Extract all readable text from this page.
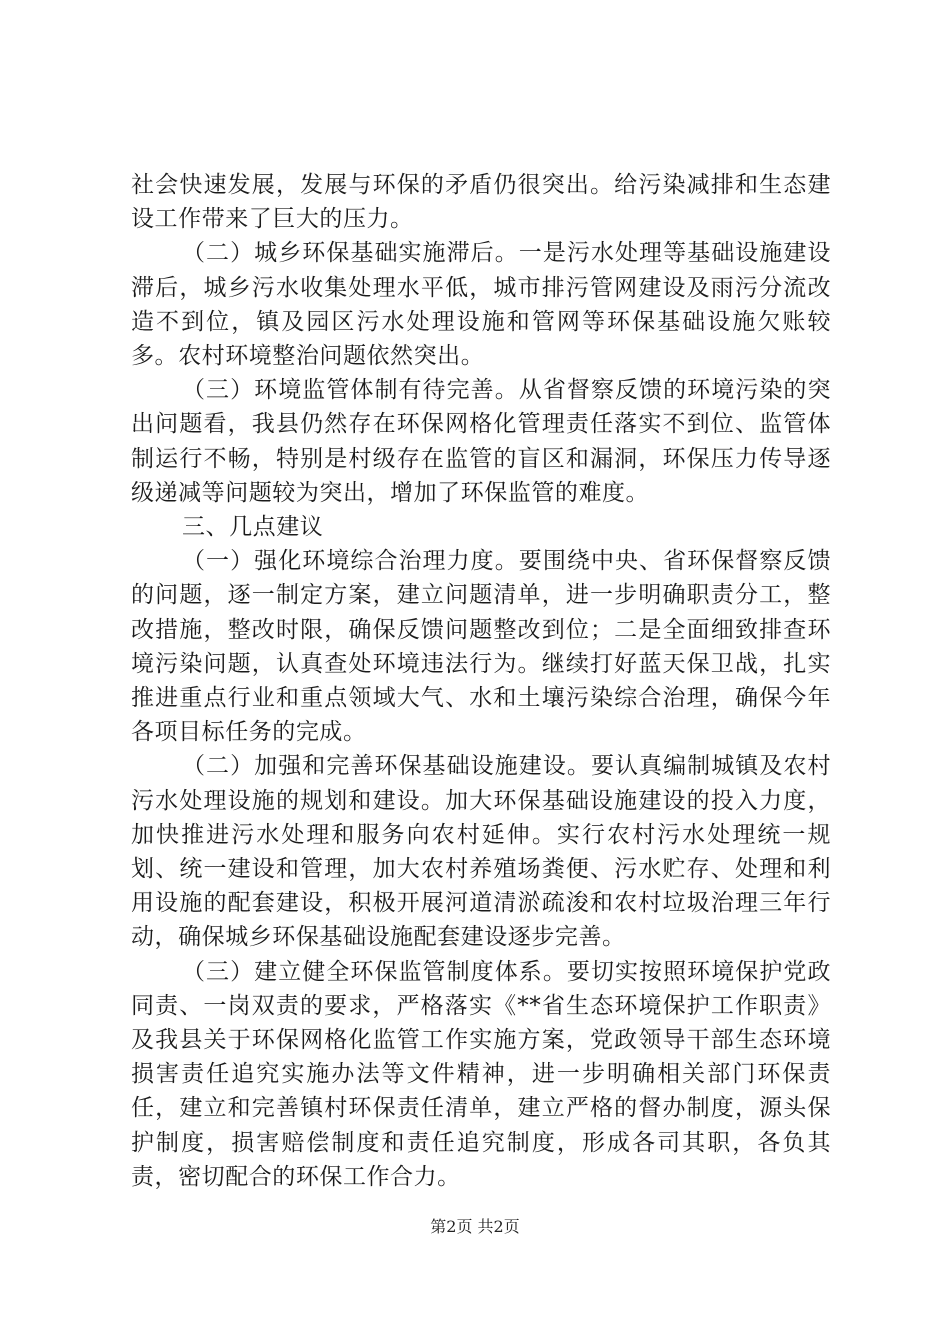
社会快速发展，发展与环保的矛盾仍很突出。给污染减排和生态建设工作带来了巨大的压力。

（二）城乡环保基础实施滞后。一是污水处理等基础设施建设滞后，城乡污水收集处理水平低，城市排污管网建设及雨污分流改造不到位，镇及园区污水处理设施和管网等环保基础设施欠账较多。农村环境整治问题依然突出。

（三）环境监管体制有待完善。从省督察反馈的环境污染的突出问题看，我县仍然存在环保网格化管理责任落实不到位、监管体制运行不畅，特别是村级存在监管的盲区和漏洞，环保压力传导逐级递减等问题较为突出，增加了环保监管的难度。

三、几点建议

（一）强化环境综合治理力度。要围绕中央、省环保督察反馈的问题，逐一制定方案，建立问题清单，进一步明确职责分工，整改措施，整改时限，确保反馈问题整改到位；二是全面细致排查环境污染问题，认真查处环境违法行为。继续打好蓝天保卫战，扎实推进重点行业和重点领域大气、水和土壤污染综合治理，确保今年各项目标任务的完成。

（二）加强和完善环保基础设施建设。要认真编制城镇及农村污水处理设施的规划和建设。加大环保基础设施建设的投入力度，加快推进污水处理和服务向农村延伸。实行农村污水处理统一规划、统一建设和管理，加大农村养殖场粪便、污水贮存、处理和利用设施的配套建设，积极开展河道清淤疏浚和农村垃圾治理三年行动，确保城乡环保基础设施配套建设逐步完善。

（三）建立健全环保监管制度体系。要切实按照环境保护党政同责、一岗双责的要求，严格落实《**省生态环境保护工作职责》及我县关于环保网格化监管工作实施方案，党政领导干部生态环境损害责任追究实施办法等文件精神，进一步明确相关部门环保责任，建立和完善镇村环保责任清单，建立严格的督办制度，源头保护制度，损害赔偿制度和责任追究制度，形成各司其职，各负其责，密切配合的环保工作合力。

第2页 共2页
